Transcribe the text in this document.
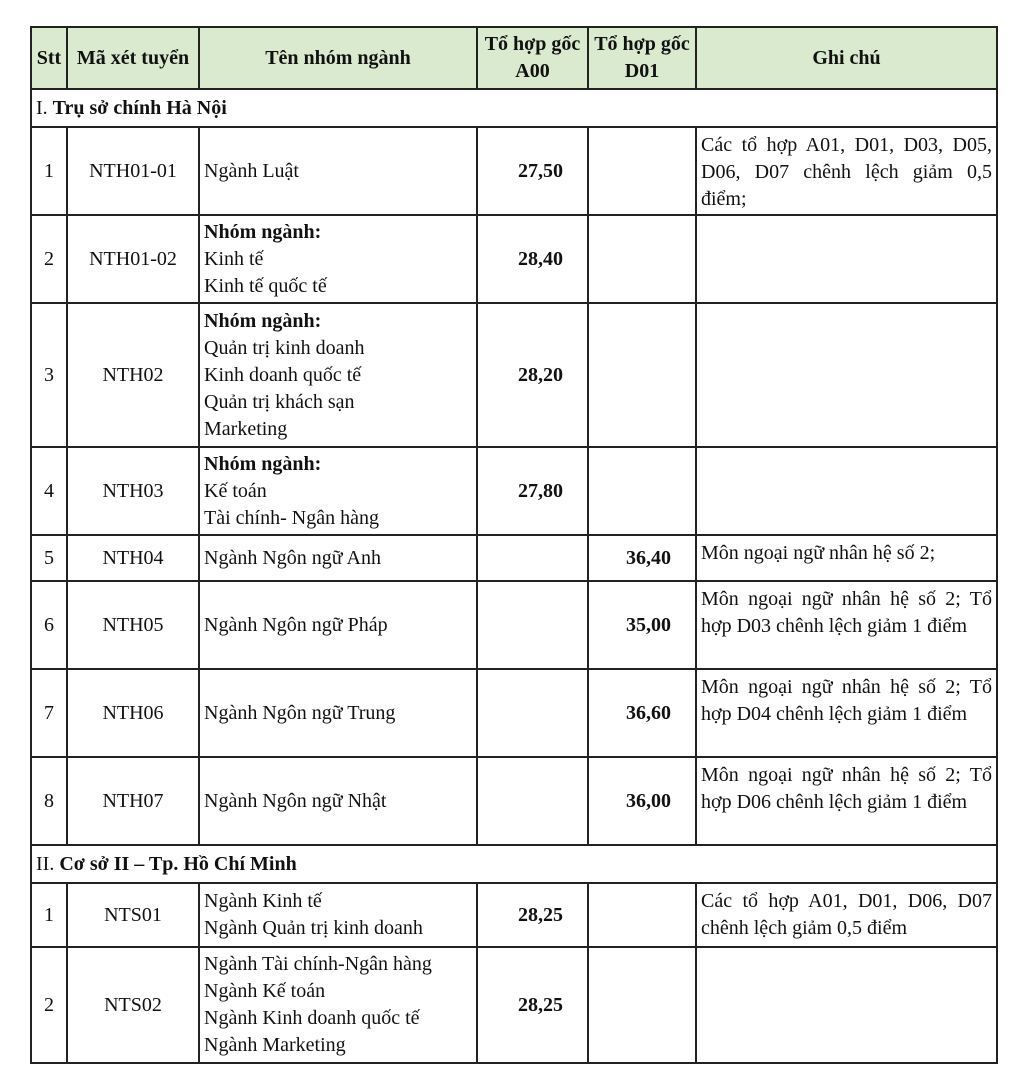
Stt	Mã xét tuyển	Tên nhóm ngành	Tổ hợp gốc A00	Tổ hợp gốc D01	Ghi chú
I. Trụ sở chính Hà Nội					
1	NTH01-01	Ngành Luật	27,50		Các tổ hợp A01, D01, D03, D05, D06, D07 chênh lệch giảm 0,5 điểm;
2	NTH01-02	Nhóm ngành:
Kinh tế
Kinh tế quốc tế	28,40		
3	NTH02	Nhóm ngành:
Quản trị kinh doanh
Kinh doanh quốc tế
Quản trị khách sạn
Marketing	28,20		
4	NTH03	Nhóm ngành:
Kế toán
Tài chính- Ngân hàng	27,80		
5	NTH04	Ngành Ngôn ngữ Anh		36,40	Môn ngoại ngữ nhân hệ số 2;
6	NTH05	Ngành Ngôn ngữ Pháp		35,00	Môn ngoại ngữ nhân hệ số 2; Tổ hợp D03 chênh lệch giảm 1 điểm
7	NTH06	Ngành Ngôn ngữ Trung		36,60	Môn ngoại ngữ nhân hệ số 2; Tổ hợp D04 chênh lệch giảm 1 điểm
8	NTH07	Ngành Ngôn ngữ Nhật		36,00	Môn ngoại ngữ nhân hệ số 2; Tổ hợp D06 chênh lệch giảm 1 điểm
II. Cơ sở II – Tp. Hồ Chí Minh					
1	NTS01	Ngành Kinh tế
Ngành Quản trị kinh doanh	28,25		Các tổ hợp A01, D01, D06, D07 chênh lệch giảm 0,5 điểm
2	NTS02	Ngành Tài chính-Ngân hàng
Ngành Kế toán
Ngành Kinh doanh quốc tế
Ngành Marketing	28,25		
